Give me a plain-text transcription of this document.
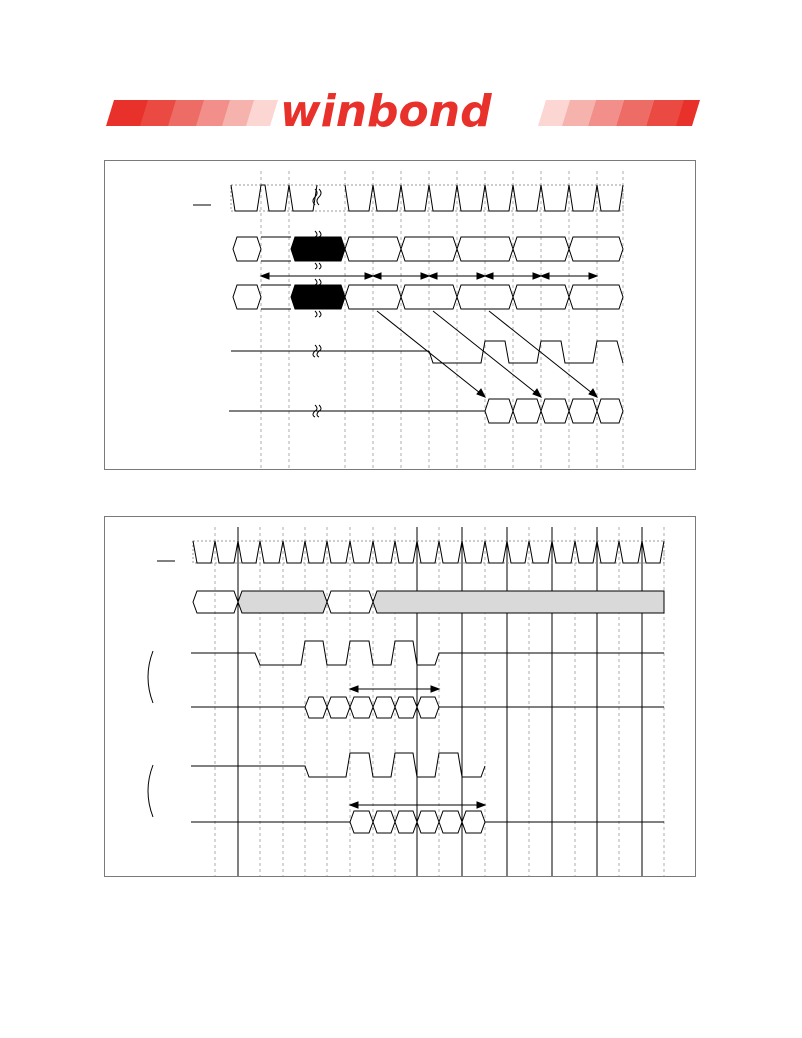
winbond
